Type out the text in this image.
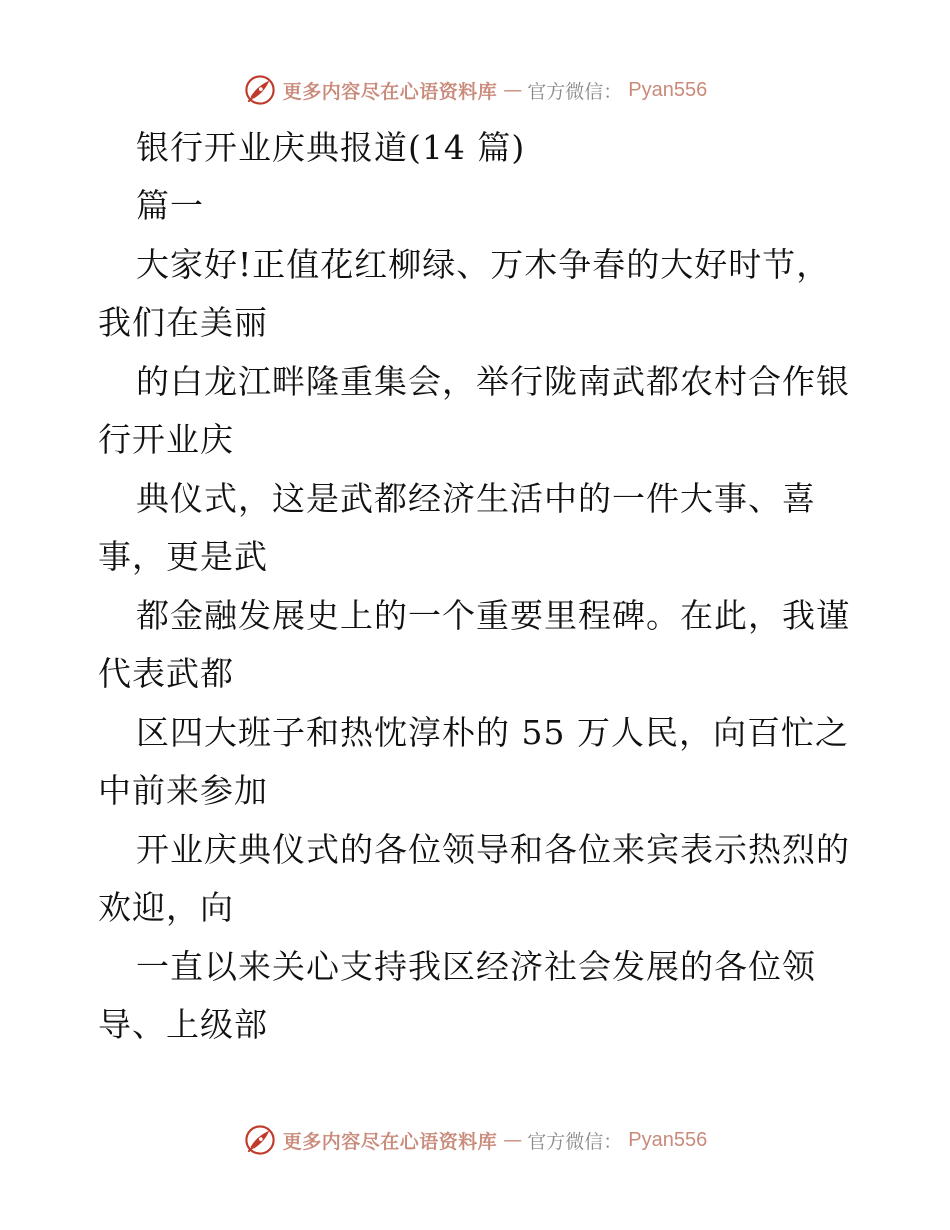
更多内容尽在心语资料库 — 官方微信： Pyan556
银行开业庆典报道(14 篇)
篇一
大家好!正值花红柳绿、万木争春的大好时节，
我们在美丽
的白龙江畔隆重集会，举行陇南武都农村合作银
行开业庆
典仪式，这是武都经济生活中的一件大事、喜
事，更是武
都金融发展史上的一个重要里程碑。在此，我谨
代表武都
区四大班子和热忱淳朴的 55 万人民，向百忙之
中前来参加
开业庆典仪式的各位领导和各位来宾表示热烈的
欢迎，向
一直以来关心支持我区经济社会发展的各位领
导、上级部
更多内容尽在心语资料库 — 官方微信： Pyan556
